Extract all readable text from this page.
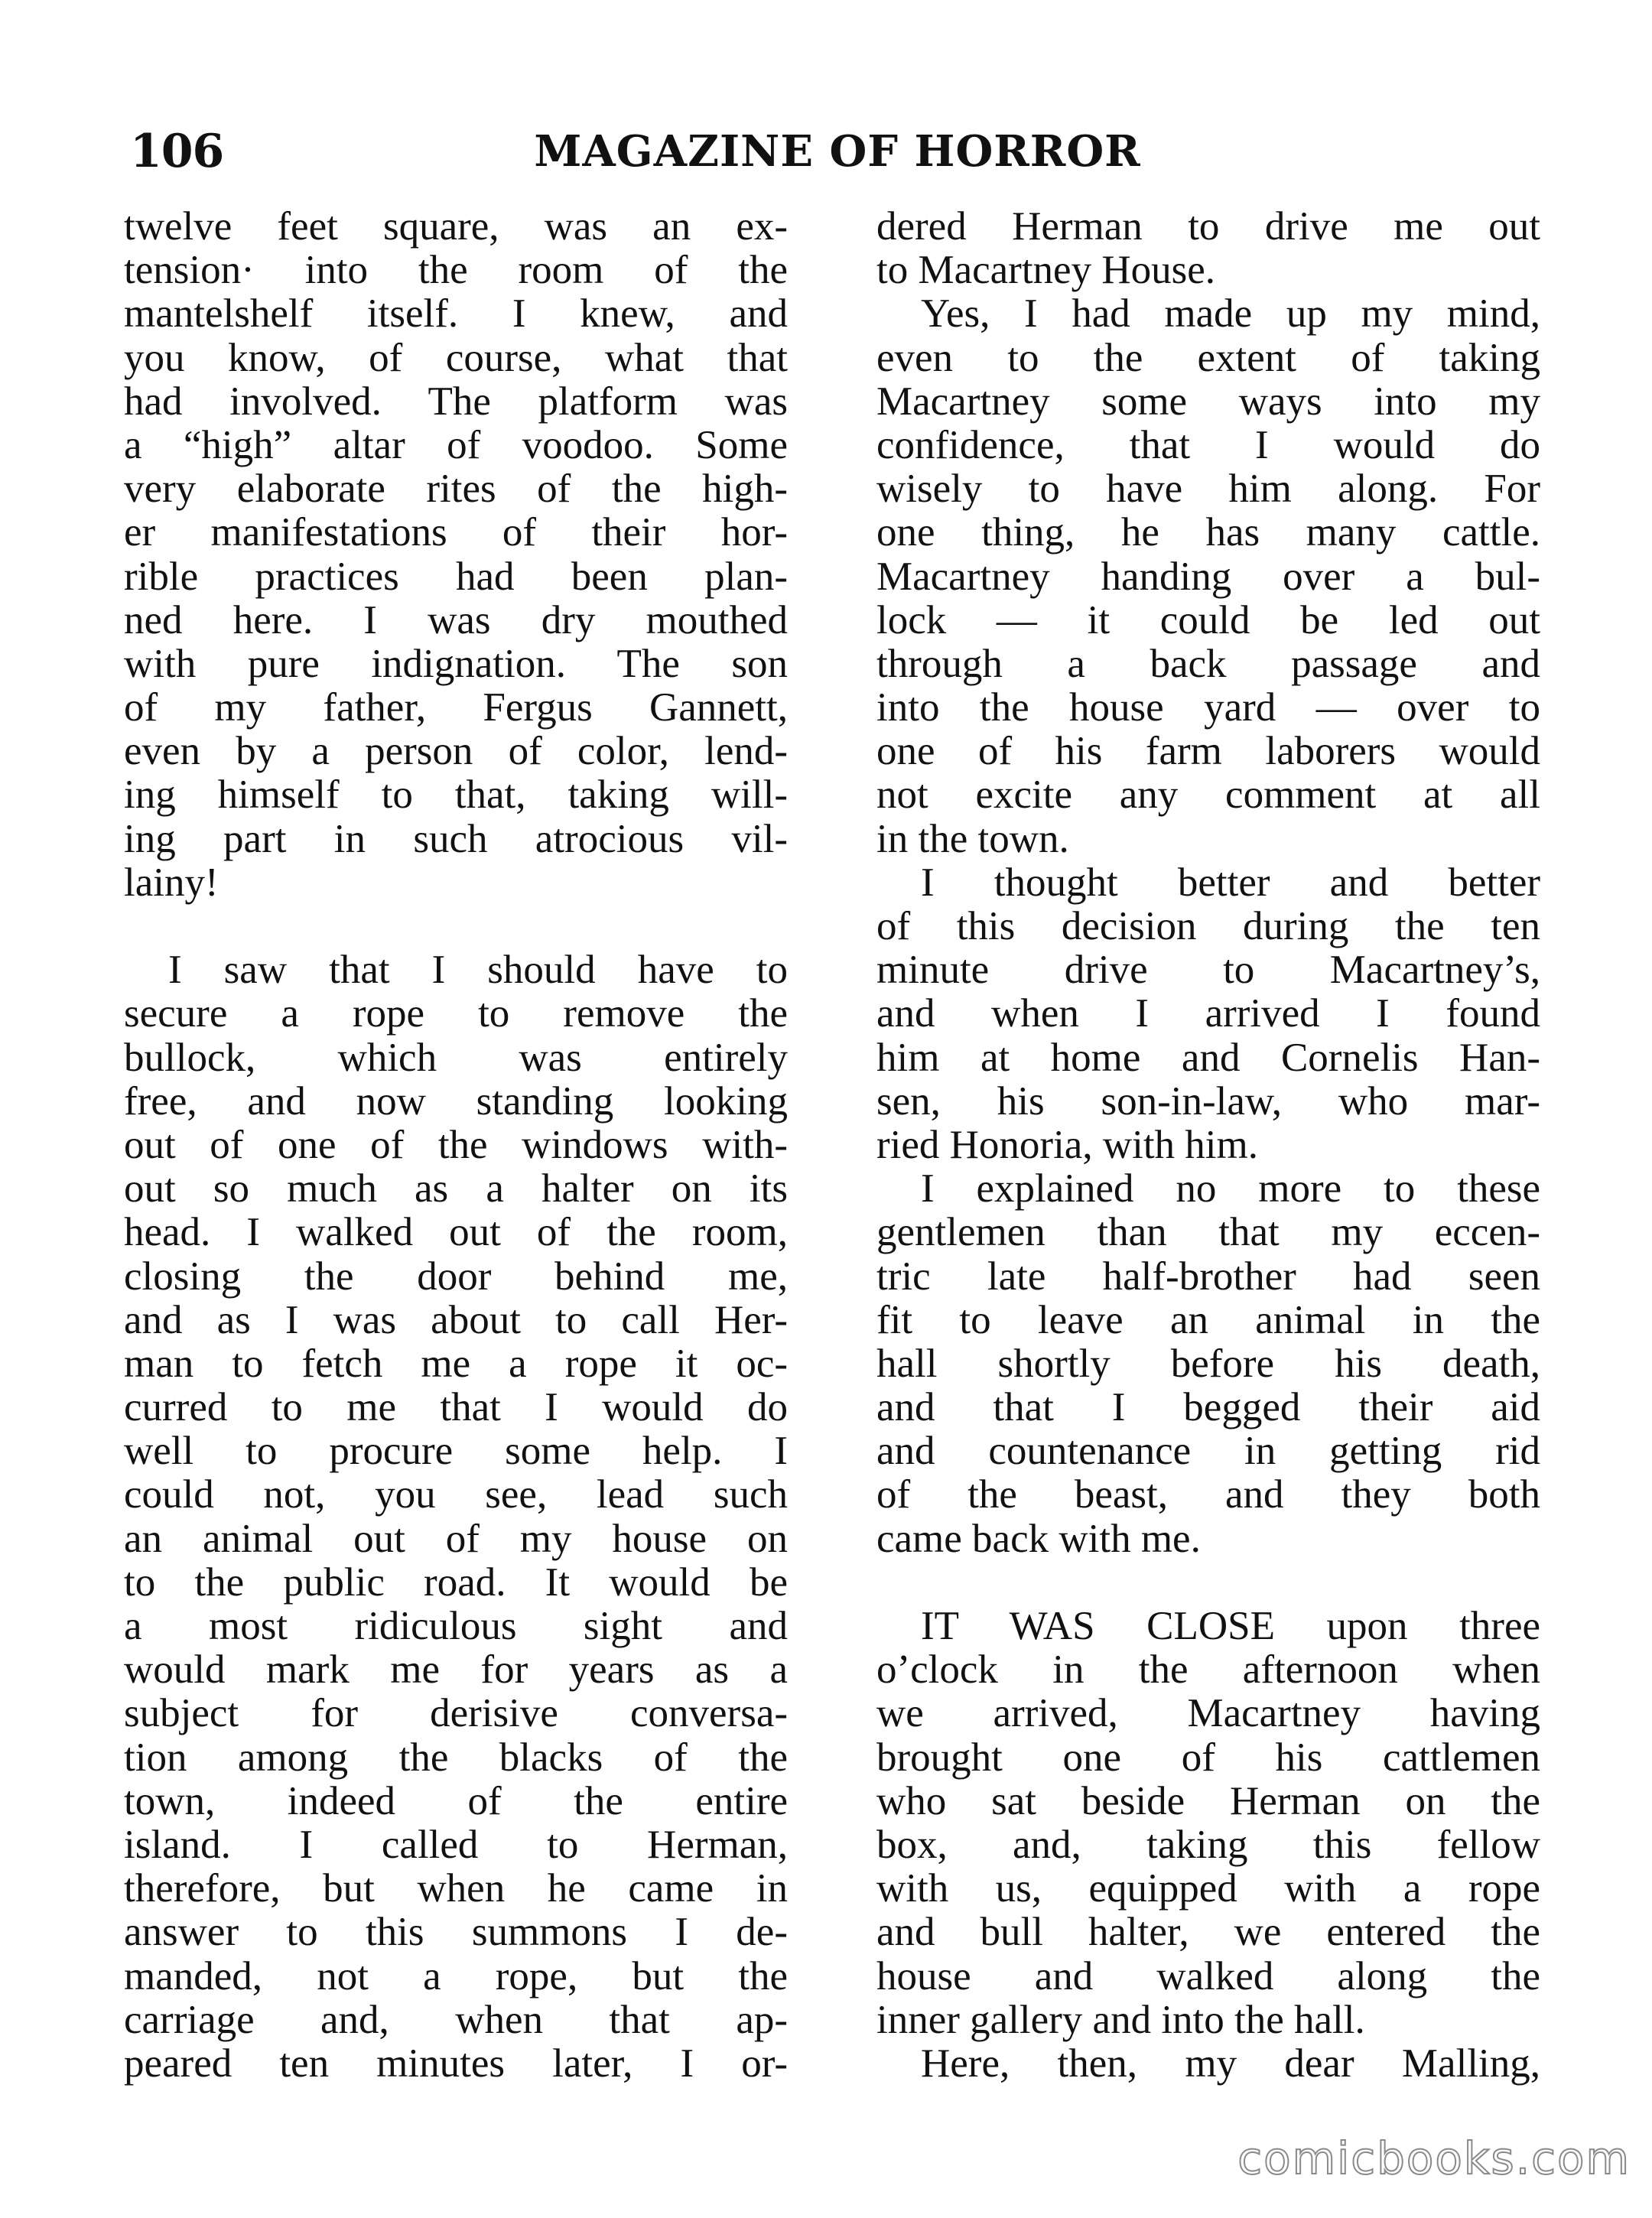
106	MAGAZINE OF HORROR
twelve feet square, was an ex-
tension· into the room of the
mantelshelf itself. I knew, and
you know, of course, what that
had involved. The platform was
a “high” altar of voodoo. Some
very elaborate rites of the high-
er manifestations of their hor-
rible practices had been plan-
ned here. I was dry mouthed
with pure indignation. The son
of my father, Fergus Gannett,
even by a person of color, lend-
ing himself to that, taking will-
ing part in such atrocious vil-
lainy!
I saw that I should have to
secure a rope to remove the
bullock, which was entirely
free, and now standing looking
out of one of the windows with-
out so much as a halter on its
head. I walked out of the room,
closing the door behind me,
and as I was about to call Her-
man to fetch me a rope it oc-
curred to me that I would do
well to procure some help. I
could not, you see, lead such
an animal out of my house on
to the public road. It would be
a most ridiculous sight and
would mark me for years as a
subject for derisive conversa-
tion among the blacks of the
town, indeed of the entire
island. I called to Herman,
therefore, but when he came in
answer to this summons I de-
manded, not a rope, but the
carriage and, when that ap-
peared ten minutes later, I or-
dered Herman to drive me out
to Macartney House.
Yes, I had made up my mind,
even to the extent of taking
Macartney some ways into my
confidence, that I would do
wisely to have him along. For
one thing, he has many cattle.
Macartney handing over a bul-
lock — it could be led out
through a back passage and
into the house yard — over to
one of his farm laborers would
not excite any comment at all
in the town.
I thought better and better
of this decision during the ten
minute drive to Macartney’s,
and when I arrived I found
him at home and Cornelis Han-
sen, his son-in-law, who mar-
ried Honoria, with him.
I explained no more to these
gentlemen than that my eccen-
tric late half-brother had seen
fit to leave an animal in the
hall shortly before his death,
and that I begged their aid
and countenance in getting rid
of the beast, and they both
came back with me.
IT WAS CLOSE upon three
o’clock in the afternoon when
we arrived, Macartney having
brought one of his cattlemen
who sat beside Herman on the
box, and, taking this fellow
with us, equipped with a rope
and bull halter, we entered the
house and walked along the
inner gallery and into the hall.
Here, then, my dear Malling,
comicbooks.com
